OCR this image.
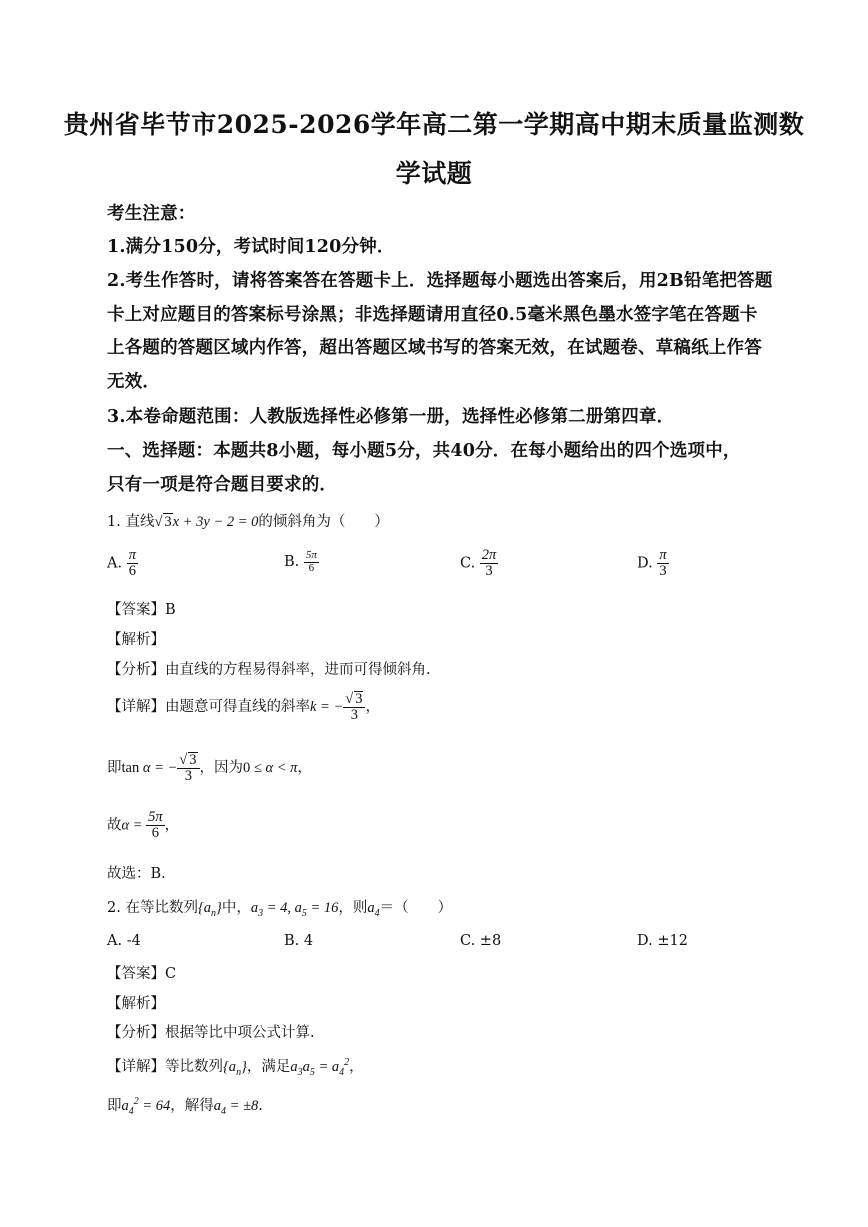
贵州省毕节市2025-2026学年高二第一学期高中期末质量监测数
学试题
考生注意：
1.满分150分，考试时间120分钟．
2.考生作答时，请将答案答在答题卡上．选择题每小题选出答案后，用2B铅笔把答题
卡上对应题目的答案标号涂黑；非选择题请用直径0.5毫米黑色墨水签字笔在答题卡
上各题的答题区域内作答，超出答题区域书写的答案无效，在试题卷、草稿纸上作答
无效．
3.本卷命题范围：人教版选择性必修第一册，选择性必修第二册第四章．
一、选择题：本题共8小题，每小题5分，共40分．在每小题给出的四个选项中，
只有一项是符合题目要求的．
1. 直线√ 3x + 3y − 2 = 0的倾斜角为（　　）
A. $\frac{\pi}{6}$	B. $\frac{5\pi}{6}$	C. $\frac{2\pi}{3}$	D. $\frac{\pi}{3}$
【答案】B
【解析】
【分析】由直线的方程易得斜率，进而可得倾斜角.
【详解】由题意可得直线的斜率k = − $\frac{√ 3}{3}$ ，
即tan α = − $\frac{√ 3}{3}$ ，因为0 ≤ α < π，
故$\alpha = \frac{5\pi}{6}$ ，
故选：B.
2. 在等比数列$\{a_n\}$中，$a_3 = 4$, $a_5 = 16$，则$a_4=$（　　）
A. -4	B. 4	C. ±8	D. ±12
【答案】C
【解析】
【分析】根据等比中项公式计算.
【详解】等比数列$\{a_n\}$，满足$a_3a_5 = a_4^2$，
即$a_4^2 = 64$，解得$a_4 = \pm 8$.
